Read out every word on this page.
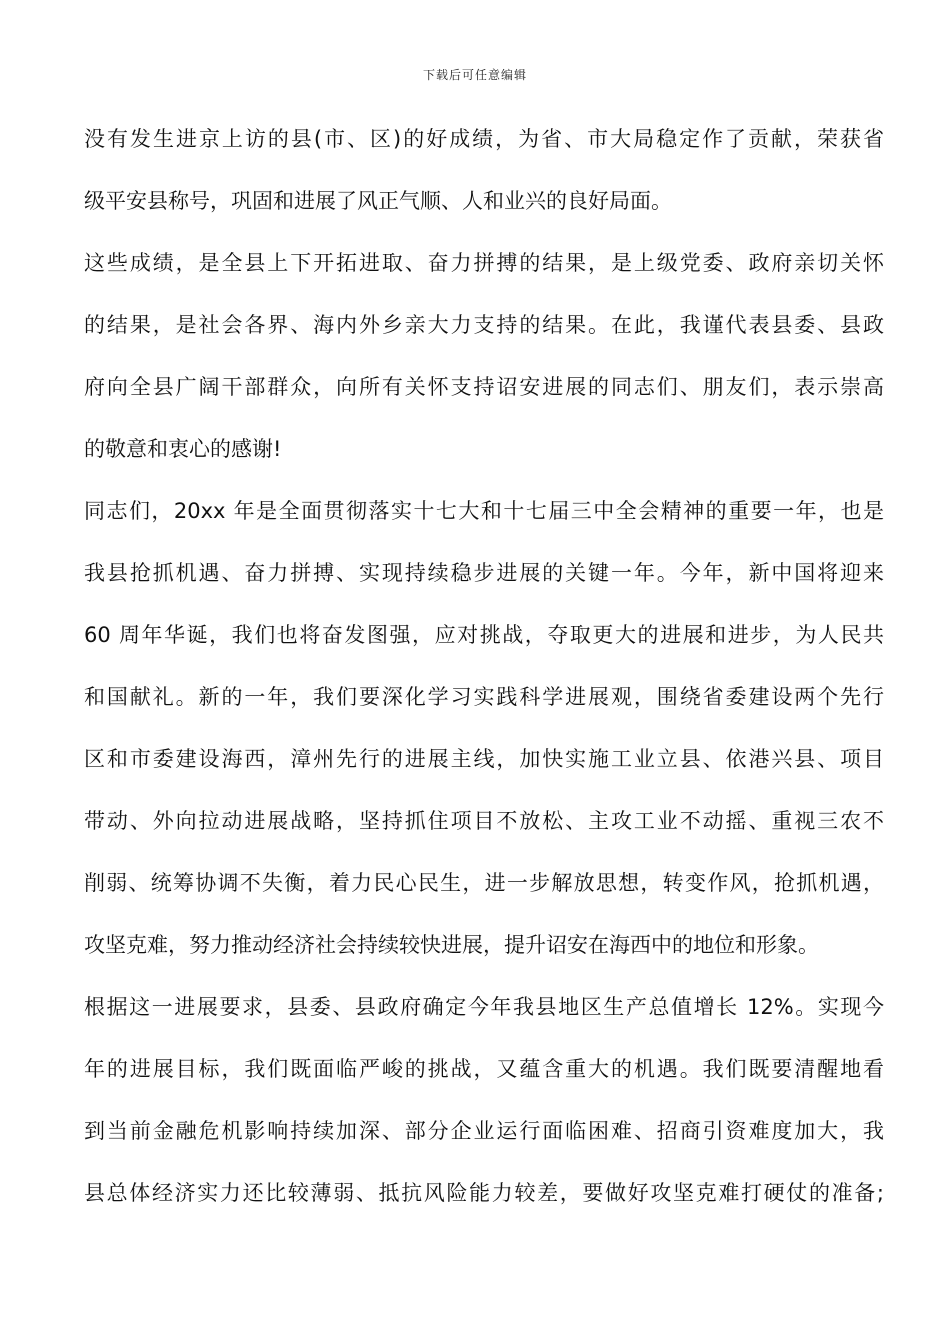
下载后可任意编辑
没有发生进京上访的县(市、区)的好成绩，为省、市大局稳定作了贡献，荣获省
级平安县称号，巩固和进展了风正气顺、人和业兴的良好局面。
这些成绩，是全县上下开拓进取、奋力拼搏的结果，是上级党委、政府亲切关怀
的结果，是社会各界、海内外乡亲大力支持的结果。在此，我谨代表县委、县政
府向全县广阔干部群众，向所有关怀支持诏安进展的同志们、朋友们，表示崇高
的敬意和衷心的感谢!
同志们，20xx 年是全面贯彻落实十七大和十七届三中全会精神的重要一年，也是
我县抢抓机遇、奋力拼搏、实现持续稳步进展的关键一年。今年，新中国将迎来
60 周年华诞，我们也将奋发图强，应对挑战，夺取更大的进展和进步，为人民共
和国献礼。新的一年，我们要深化学习实践科学进展观，围绕省委建设两个先行
区和市委建设海西，漳州先行的进展主线，加快实施工业立县、依港兴县、项目
带动、外向拉动进展战略，坚持抓住项目不放松、主攻工业不动摇、重视三农不
削弱、统筹协调不失衡，着力民心民生，进一步解放思想，转变作风，抢抓机遇，
攻坚克难，努力推动经济社会持续较快进展，提升诏安在海西中的地位和形象。
根据这一进展要求，县委、县政府确定今年我县地区生产总值增长 12%。实现今
年的进展目标，我们既面临严峻的挑战，又蕴含重大的机遇。我们既要清醒地看
到当前金融危机影响持续加深、部分企业运行面临困难、招商引资难度加大，我
县总体经济实力还比较薄弱、抵抗风险能力较差，要做好攻坚克难打硬仗的准备;
